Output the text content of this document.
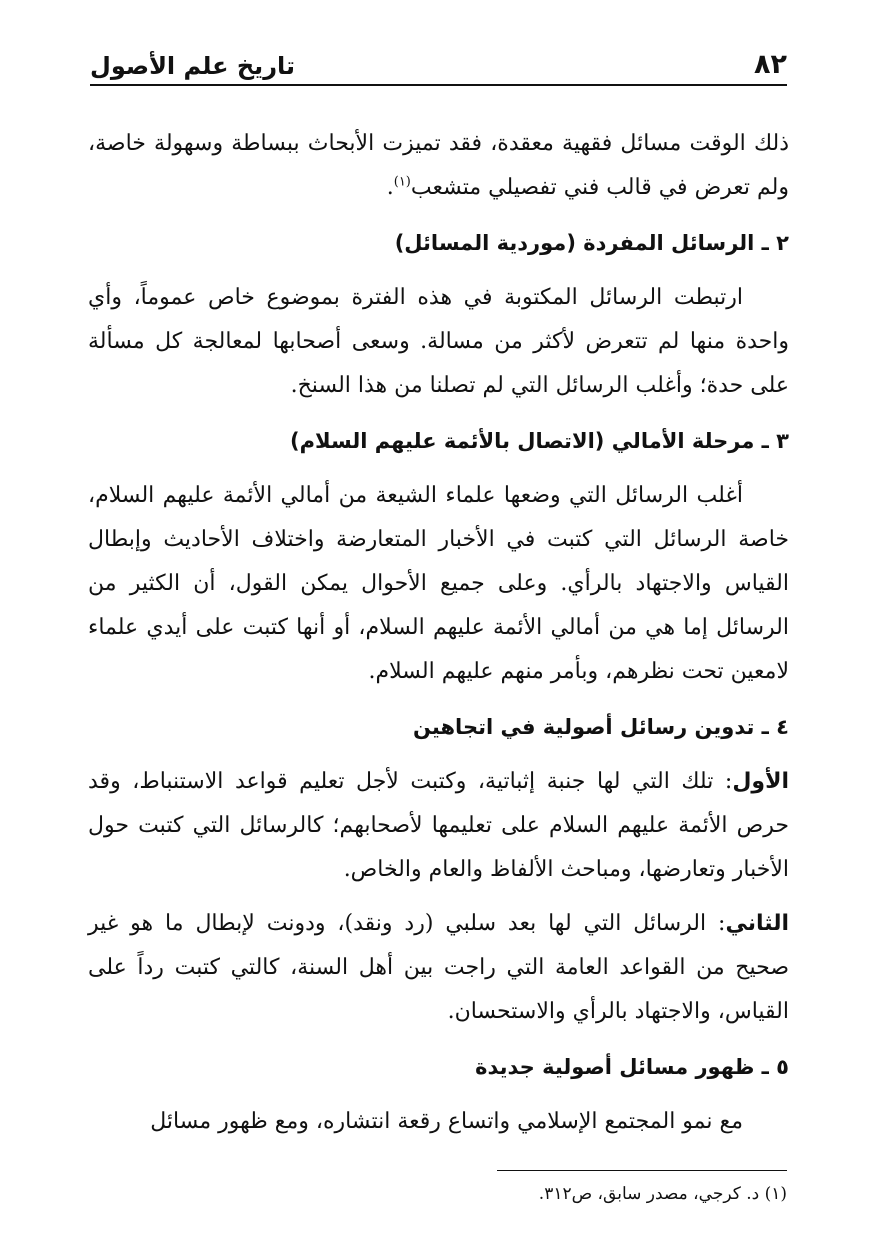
٨٢
تاريخ علم الأصول

ذلك الوقت مسائل فقهية معقدة، فقد تميزت الأبحاث ببساطة وسهولة خاصة، ولم تعرض في قالب فني تفصيلي متشعب$^{(١)}$.

٢ ـ الرسائل المفردة (موردية المسائل)

ارتبطت الرسائل المكتوبة في هذه الفترة بموضوع خاص عموماً، وأي واحدة منها لم تتعرض لأكثر من مسالة. وسعى أصحابها لمعالجة كل مسألة على حدة؛ وأغلب الرسائل التي لم تصلنا من هذا السنخ.

٣ ـ مرحلة الأمالي (الاتصال بالأئمة عليهم السلام)

أغلب الرسائل التي وضعها علماء الشيعة من أمالي الأئمة عليهم السلام، خاصة الرسائل التي كتبت في الأخبار المتعارضة واختلاف الأحاديث وإبطال القياس والاجتهاد بالرأي. وعلى جميع الأحوال يمكن القول، أن الكثير من الرسائل إما هي من أمالي الأئمة عليهم السلام، أو أنها كتبت على أيدي علماء لامعين تحت نظرهم، وبأمر منهم عليهم السلام.

٤ ـ تدوين رسائل أصولية في اتجاهين

الأول: تلك التي لها جنبة إثباتية، وكتبت لأجل تعليم قواعد الاستنباط، وقد حرص الأئمة عليهم السلام على تعليمها لأصحابهم؛ كالرسائل التي كتبت حول الأخبار وتعارضها، ومباحث الألفاظ والعام والخاص.

الثاني: الرسائل التي لها بعد سلبي (رد ونقد)، ودونت لإبطال ما هو غير صحيح من القواعد العامة التي راجت بين أهل السنة، كالتي كتبت رداً على القياس، والاجتهاد بالرأي والاستحسان.

٥ ـ ظهور مسائل أصولية جديدة

مع نمو المجتمع الإسلامي واتساع رقعة انتشاره، ومع ظهور مسائل

(١) د. كرجي، مصدر سابق، ص٣١٢.
